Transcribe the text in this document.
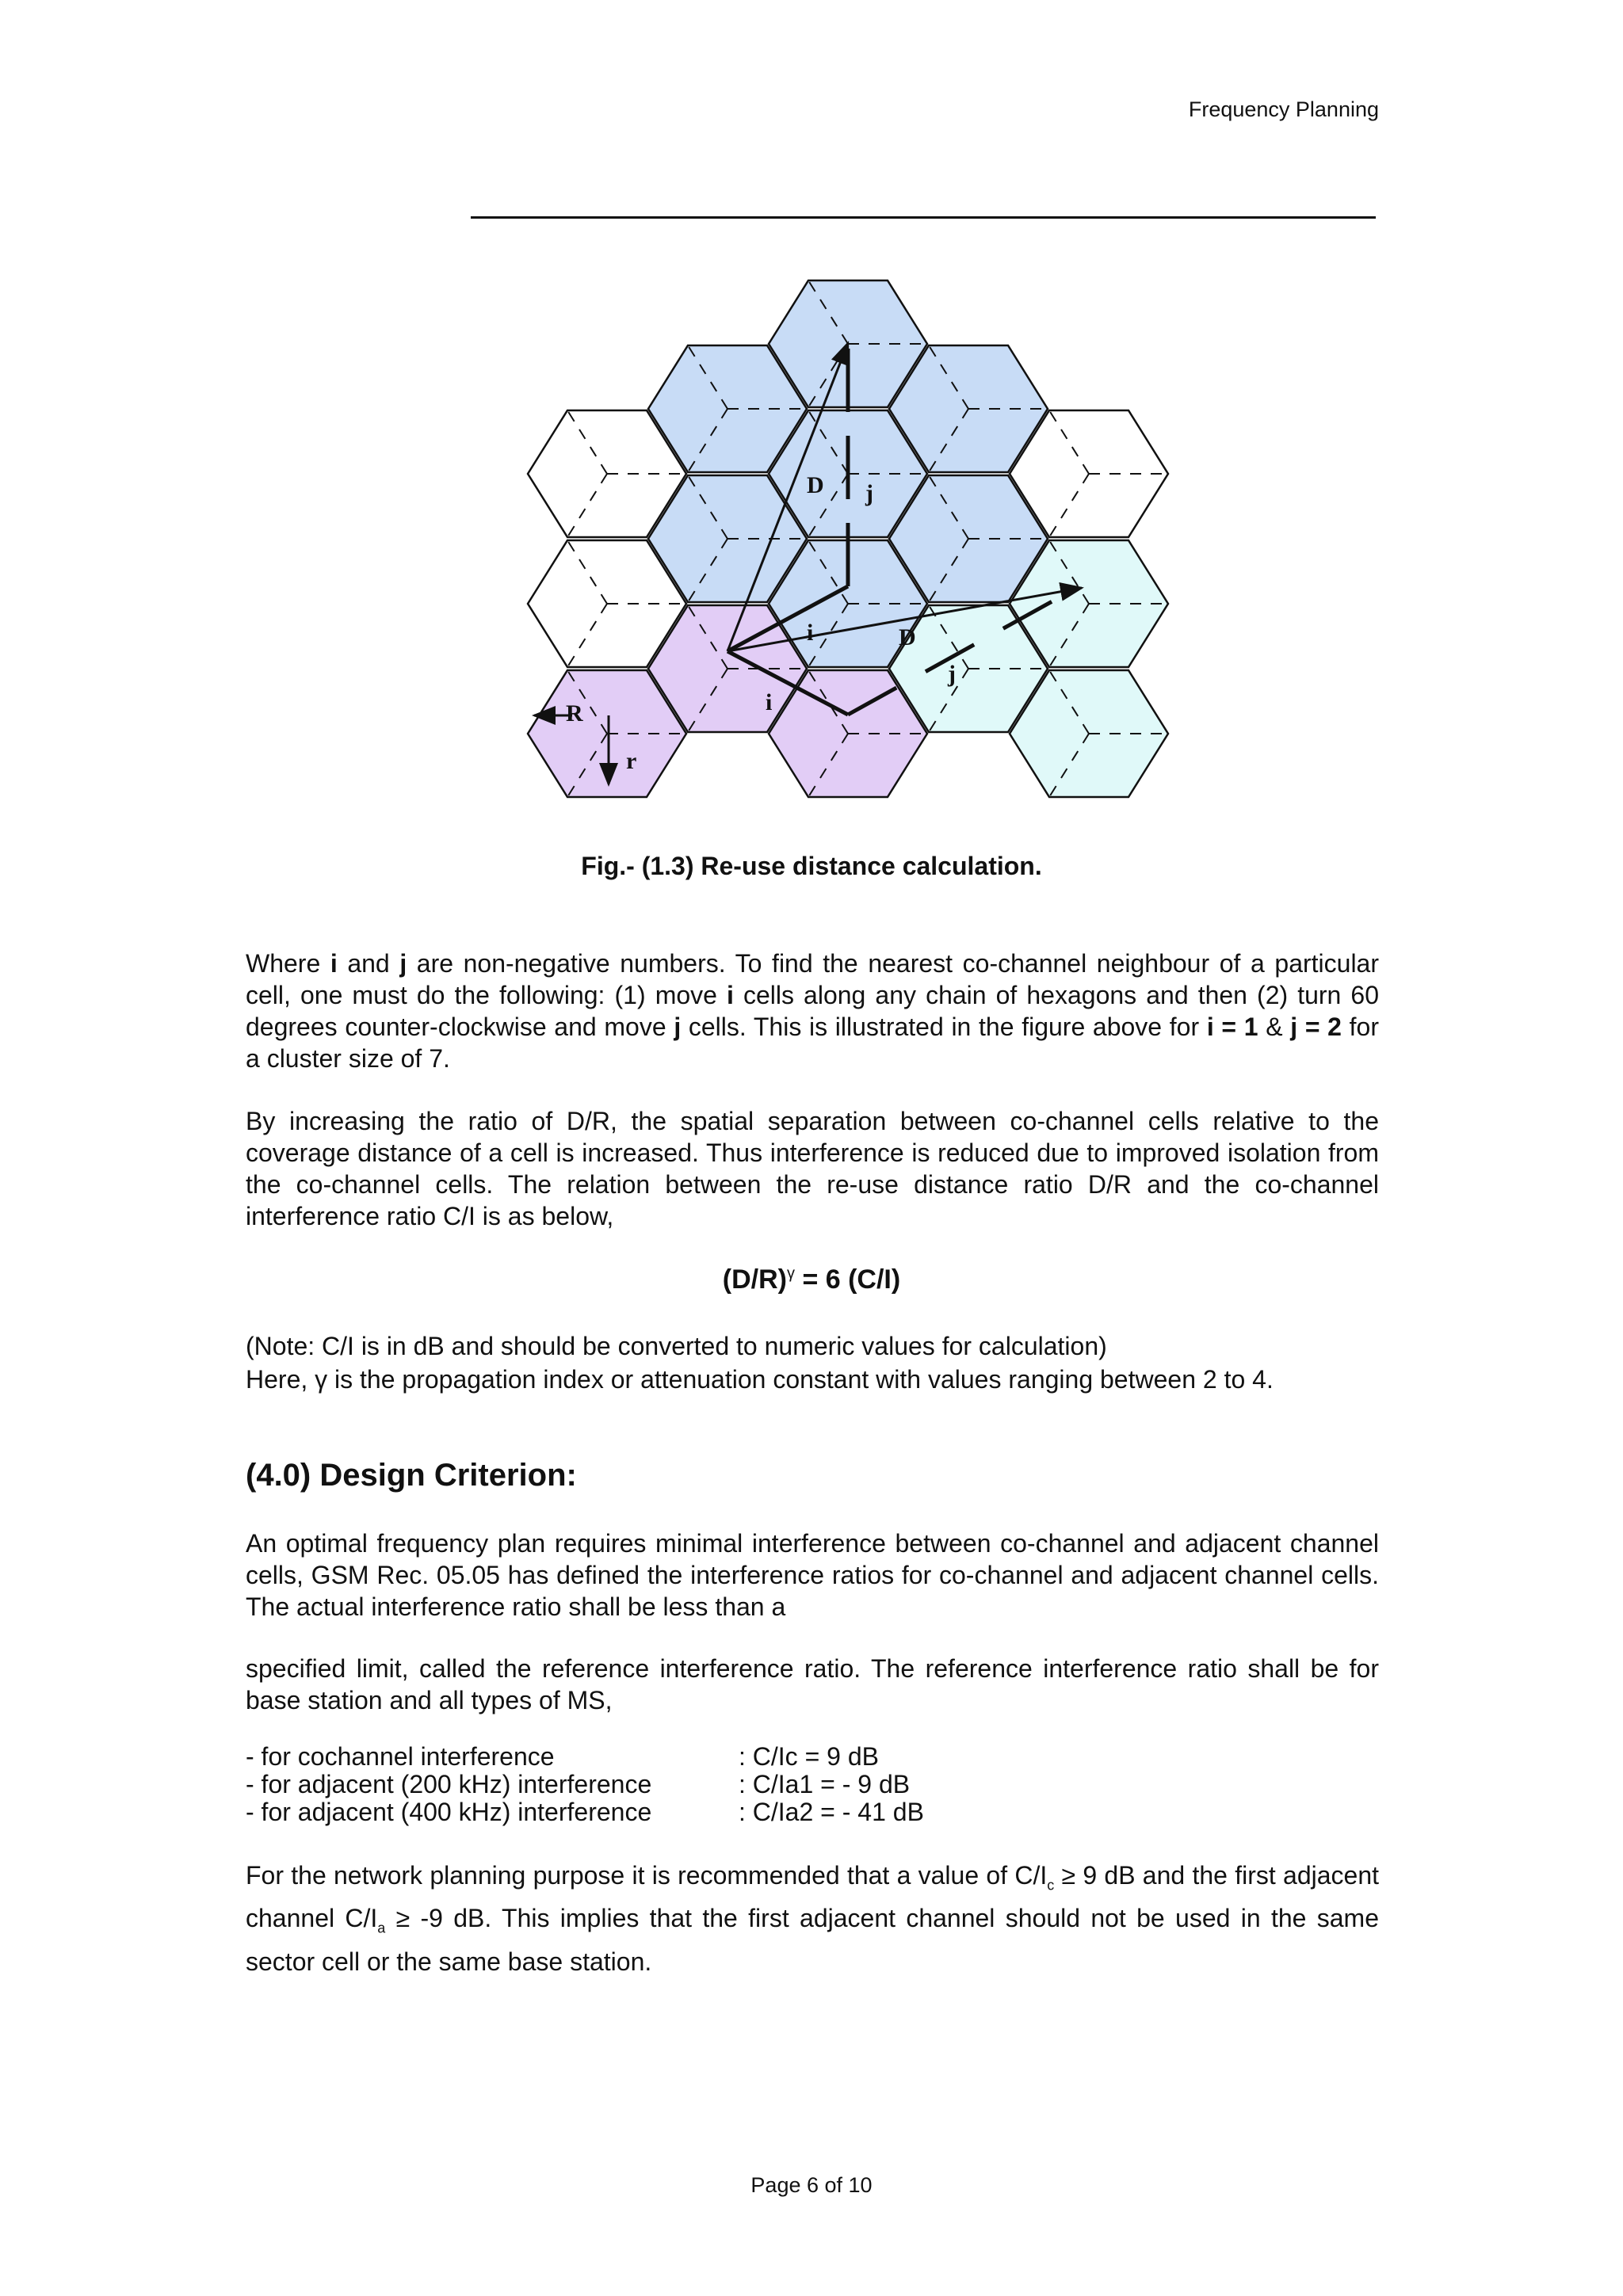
Frequency Planning
D j
i	D
j
i
R
r
Fig.- (1.3) Re-use distance calculation.

Where i and j are non-negative numbers. To find the nearest co-channel neighbour of a particular cell, one must do the following: (1) move i cells along any chain of hexagons and then (2) turn 60 degrees counter-clockwise and move j cells. This is illustrated in the figure above for i = 1 & j = 2 for a cluster size of 7.

By increasing the ratio of D/R, the spatial separation between co-channel cells relative to the coverage distance of a cell is increased. Thus interference is reduced due to improved isolation from the co-channel cells. The relation between the re-use distance ratio D/R and the co-channel interference ratio C/I is as below,

$(D/R)^\gamma = 6$ (C/I)
(Note: C/I is in dB and should be converted to numeric values for calculation)
Here, γ is the propagation index or attenuation constant with values ranging between 2 to 4.
(4.0) Design Criterion:

An optimal frequency plan requires minimal interference between co-channel and adjacent channel cells, GSM Rec. 05.05 has defined the interference ratios for co-channel and adjacent channel cells. The actual interference ratio shall be less than a

specified limit, called the reference interference ratio. The reference interference ratio shall be for base station and all types of MS,

- for cochannel interference	: C/Ic = 9 dB
- for adjacent (200 kHz) interference	: C/Ia1 = - 9 dB
- for adjacent (400 kHz) interference	: C/Ia2 = - 41 dB

For the network planning purpose it is recommended that a value of $C/I_c \ge 9$ dB and the first adjacent channel $C/I_a \ge -9$ dB. This implies that the first adjacent channel should not be used in the same sector cell or the same base station.

Page 6 of 10
